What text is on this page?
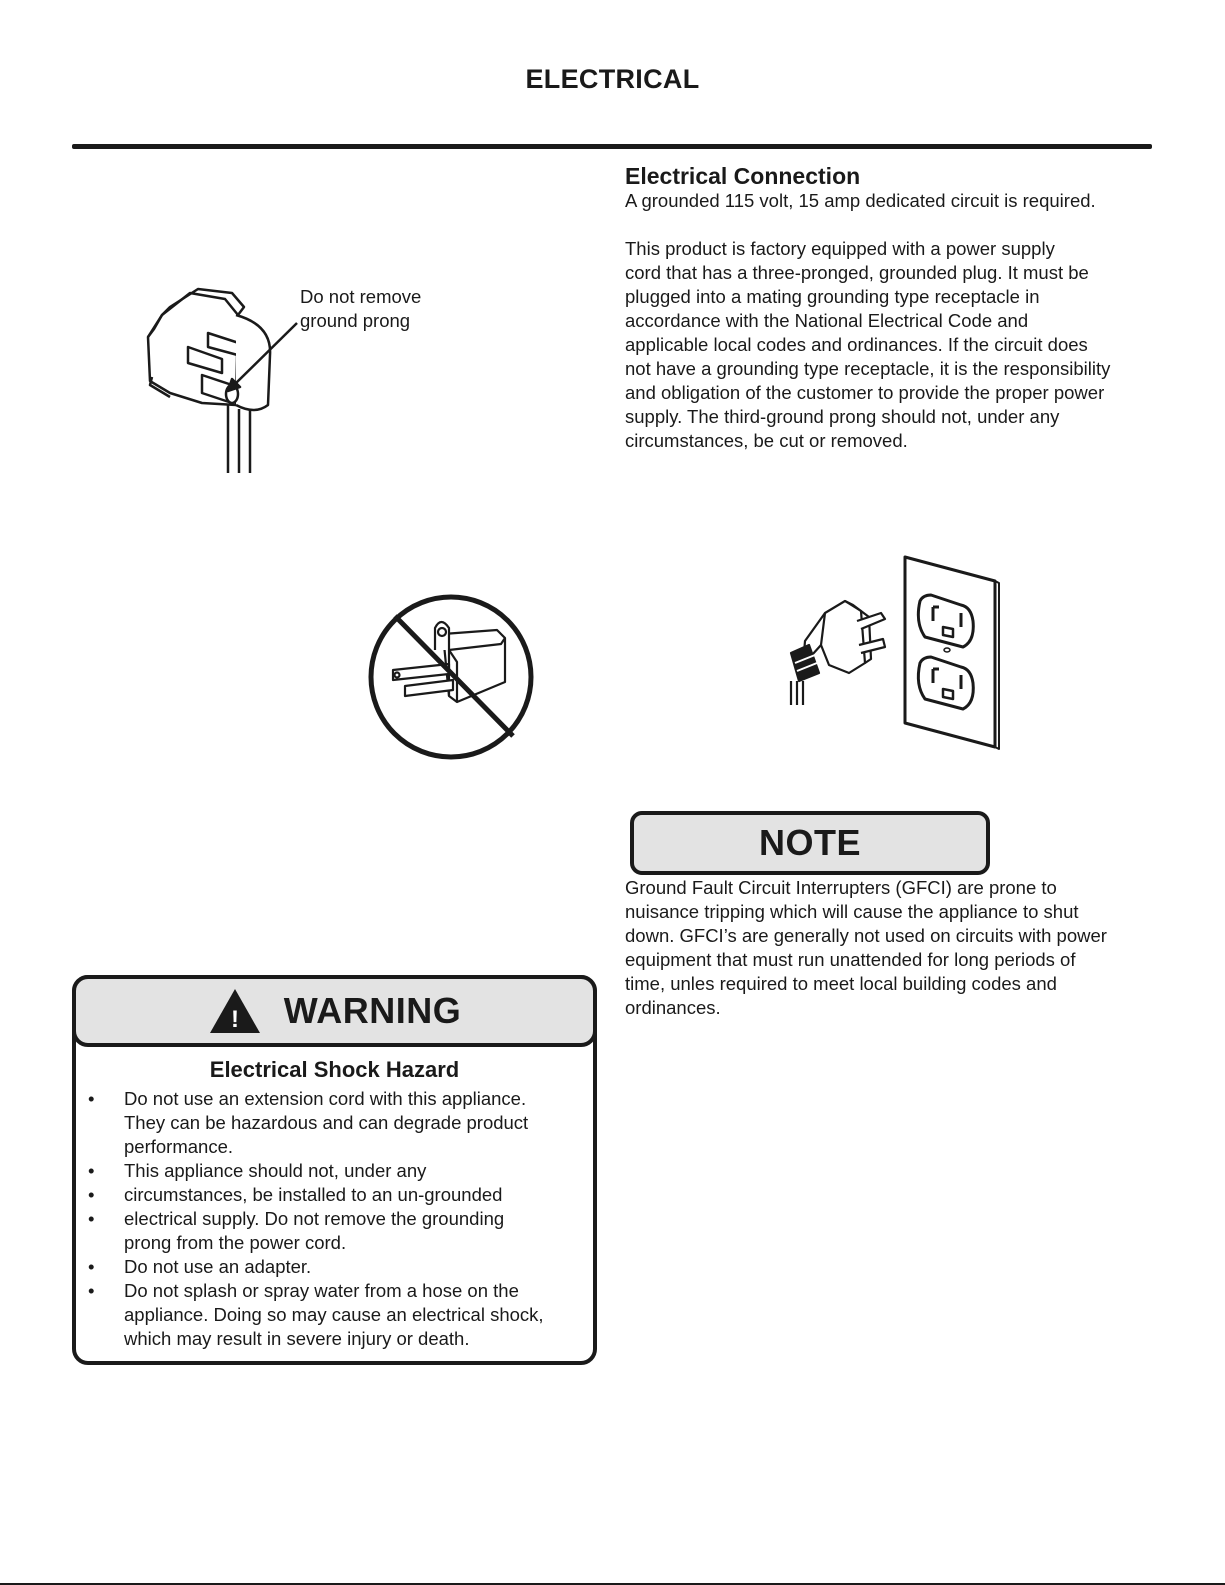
ELECTRICAL
Electrical Connection
A grounded 115 volt, 15 amp dedicated circuit is required.
This product is factory equipped with a power supply
cord that has a three-pronged, grounded plug. It must be
plugged into a mating grounding type receptacle in
accordance with the National Electrical Code and
applicable local codes and ordinances. If the circuit does
not have a grounding type receptacle, it is the responsibility
and obligation of the customer to provide the proper power
supply. The third-ground prong should not, under any
circumstances, be cut or removed.
Do not remove
ground prong
NOTE
Ground Fault Circuit Interrupters (GFCI) are prone to
nuisance tripping which will cause the appliance to shut
down. GFCI’s are generally not used on circuits with power
equipment that must run unattended for long periods of
time, unles required to meet local building codes and
ordinances.
! WARNING
Electrical Shock Hazard
• Do not use an extension cord with this appliance.
They can be hazardous and can degrade product
performance.
• This appliance should not, under any
• circumstances, be installed to an un-grounded
• electrical supply. Do not remove the grounding
prong from the power cord.
• Do not use an adapter.
• Do not splash or spray water from a hose on the
appliance. Doing so may cause an electrical shock,
which may result in severe injury or death.
